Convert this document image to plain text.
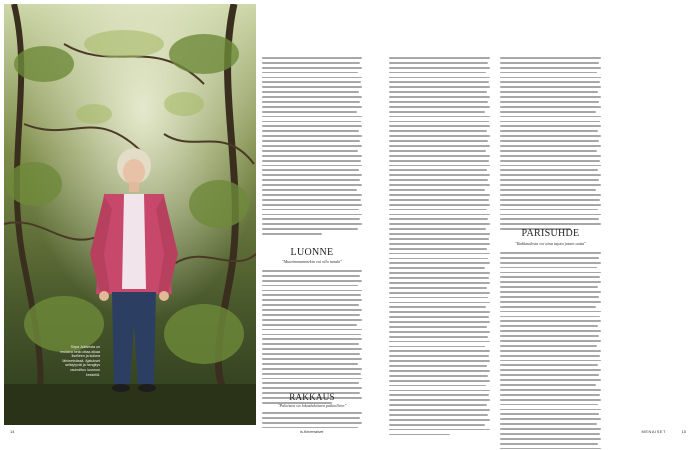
Sirpa Jokisesta on mukava hetki ottaa aikaa itselleen ja kulkea lähimetsässä. Ajatukset selkiytyvät ja hengitys rauhoittuu luonnon keskellä.
LUONNE
"Muutimmammekin voi olla ianaki"
RAKKAUS
"Paloisten on lokoshdettava paikoilleen"
PARISUHDE
"Rakkaudesta voi aina tajuta jotain uutta"
14	is.fi/menaiset	MENAISET	15
